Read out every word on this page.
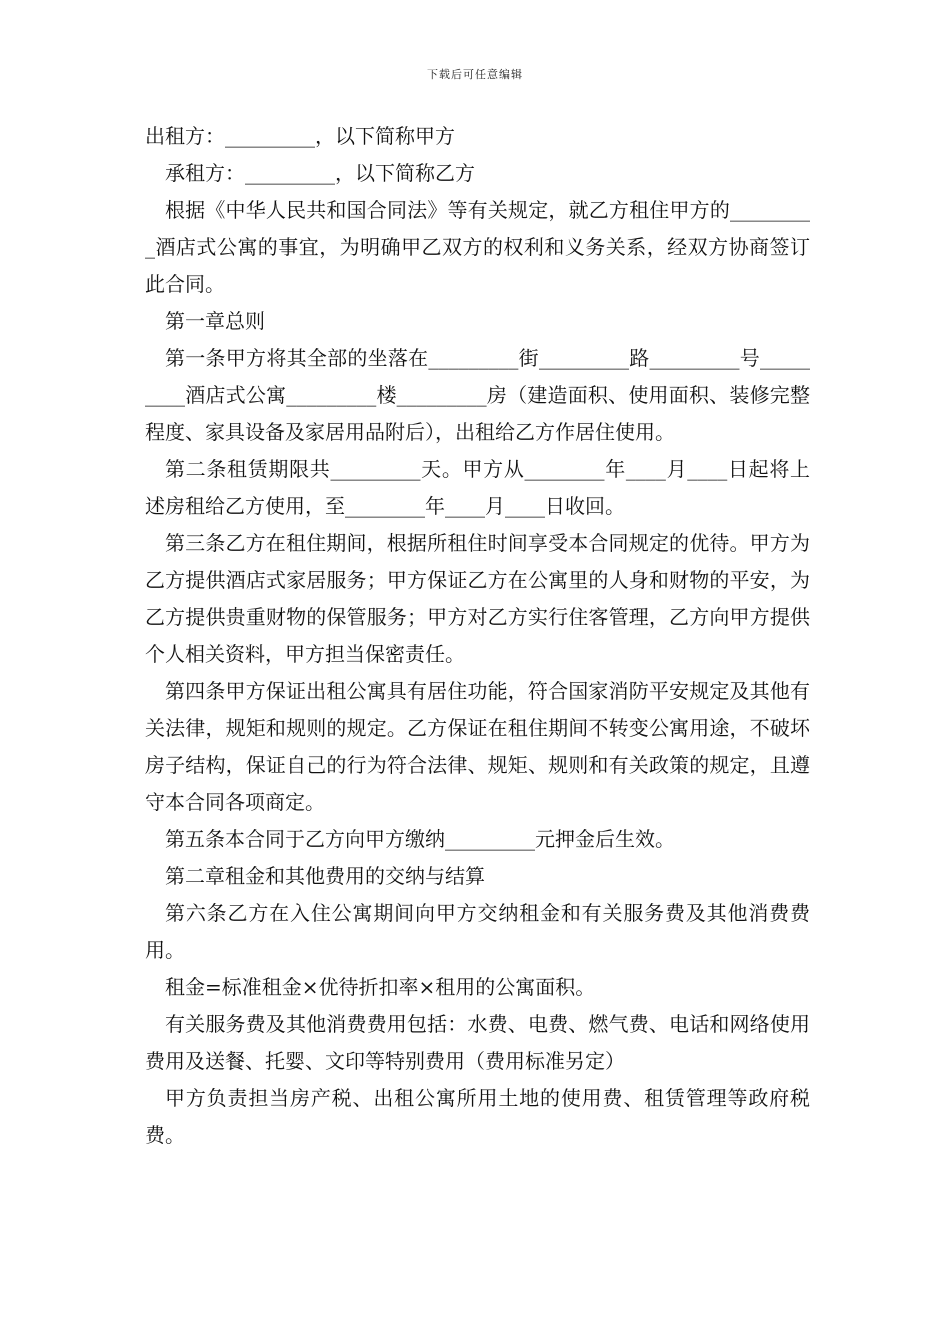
下载后可任意编辑

出租方：_________，以下简称甲方

承租方：_________，以下简称乙方

根据《中华人民共和国合同法》等有关规定，就乙方租住甲方的_________酒店式公寓的事宜，为明确甲乙双方的权利和义务关系，经双方协商签订此合同。

第一章总则

第一条甲方将其全部的坐落在_________街_________路_________号_________酒店式公寓_________楼_________房（建造面积、使用面积、装修完整程度、家具设备及家居用品附后），出租给乙方作居住使用。

第二条租赁期限共_________天。甲方从________年____月____日起将上述房租给乙方使用，至________年____月____日收回。

第三条乙方在租住期间，根据所租住时间享受本合同规定的优待。甲方为乙方提供酒店式家居服务；甲方保证乙方在公寓里的人身和财物的平安，为乙方提供贵重财物的保管服务；甲方对乙方实行住客管理，乙方向甲方提供个人相关资料，甲方担当保密责任。

第四条甲方保证出租公寓具有居住功能，符合国家消防平安规定及其他有关法律，规矩和规则的规定。乙方保证在租住期间不转变公寓用途，不破坏房子结构，保证自己的行为符合法律、规矩、规则和有关政策的规定，且遵守本合同各项商定。

第五条本合同于乙方向甲方缴纳_________元押金后生效。

第二章租金和其他费用的交纳与结算

第六条乙方在入住公寓期间向甲方交纳租金和有关服务费及其他消费费用。

租金=标准租金×优待折扣率×租用的公寓面积。

有关服务费及其他消费费用包括：水费、电费、燃气费、电话和网络使用费用及送餐、托婴、文印等特别费用（费用标准另定）

甲方负责担当房产税、出租公寓所用土地的使用费、租赁管理等政府税费。
